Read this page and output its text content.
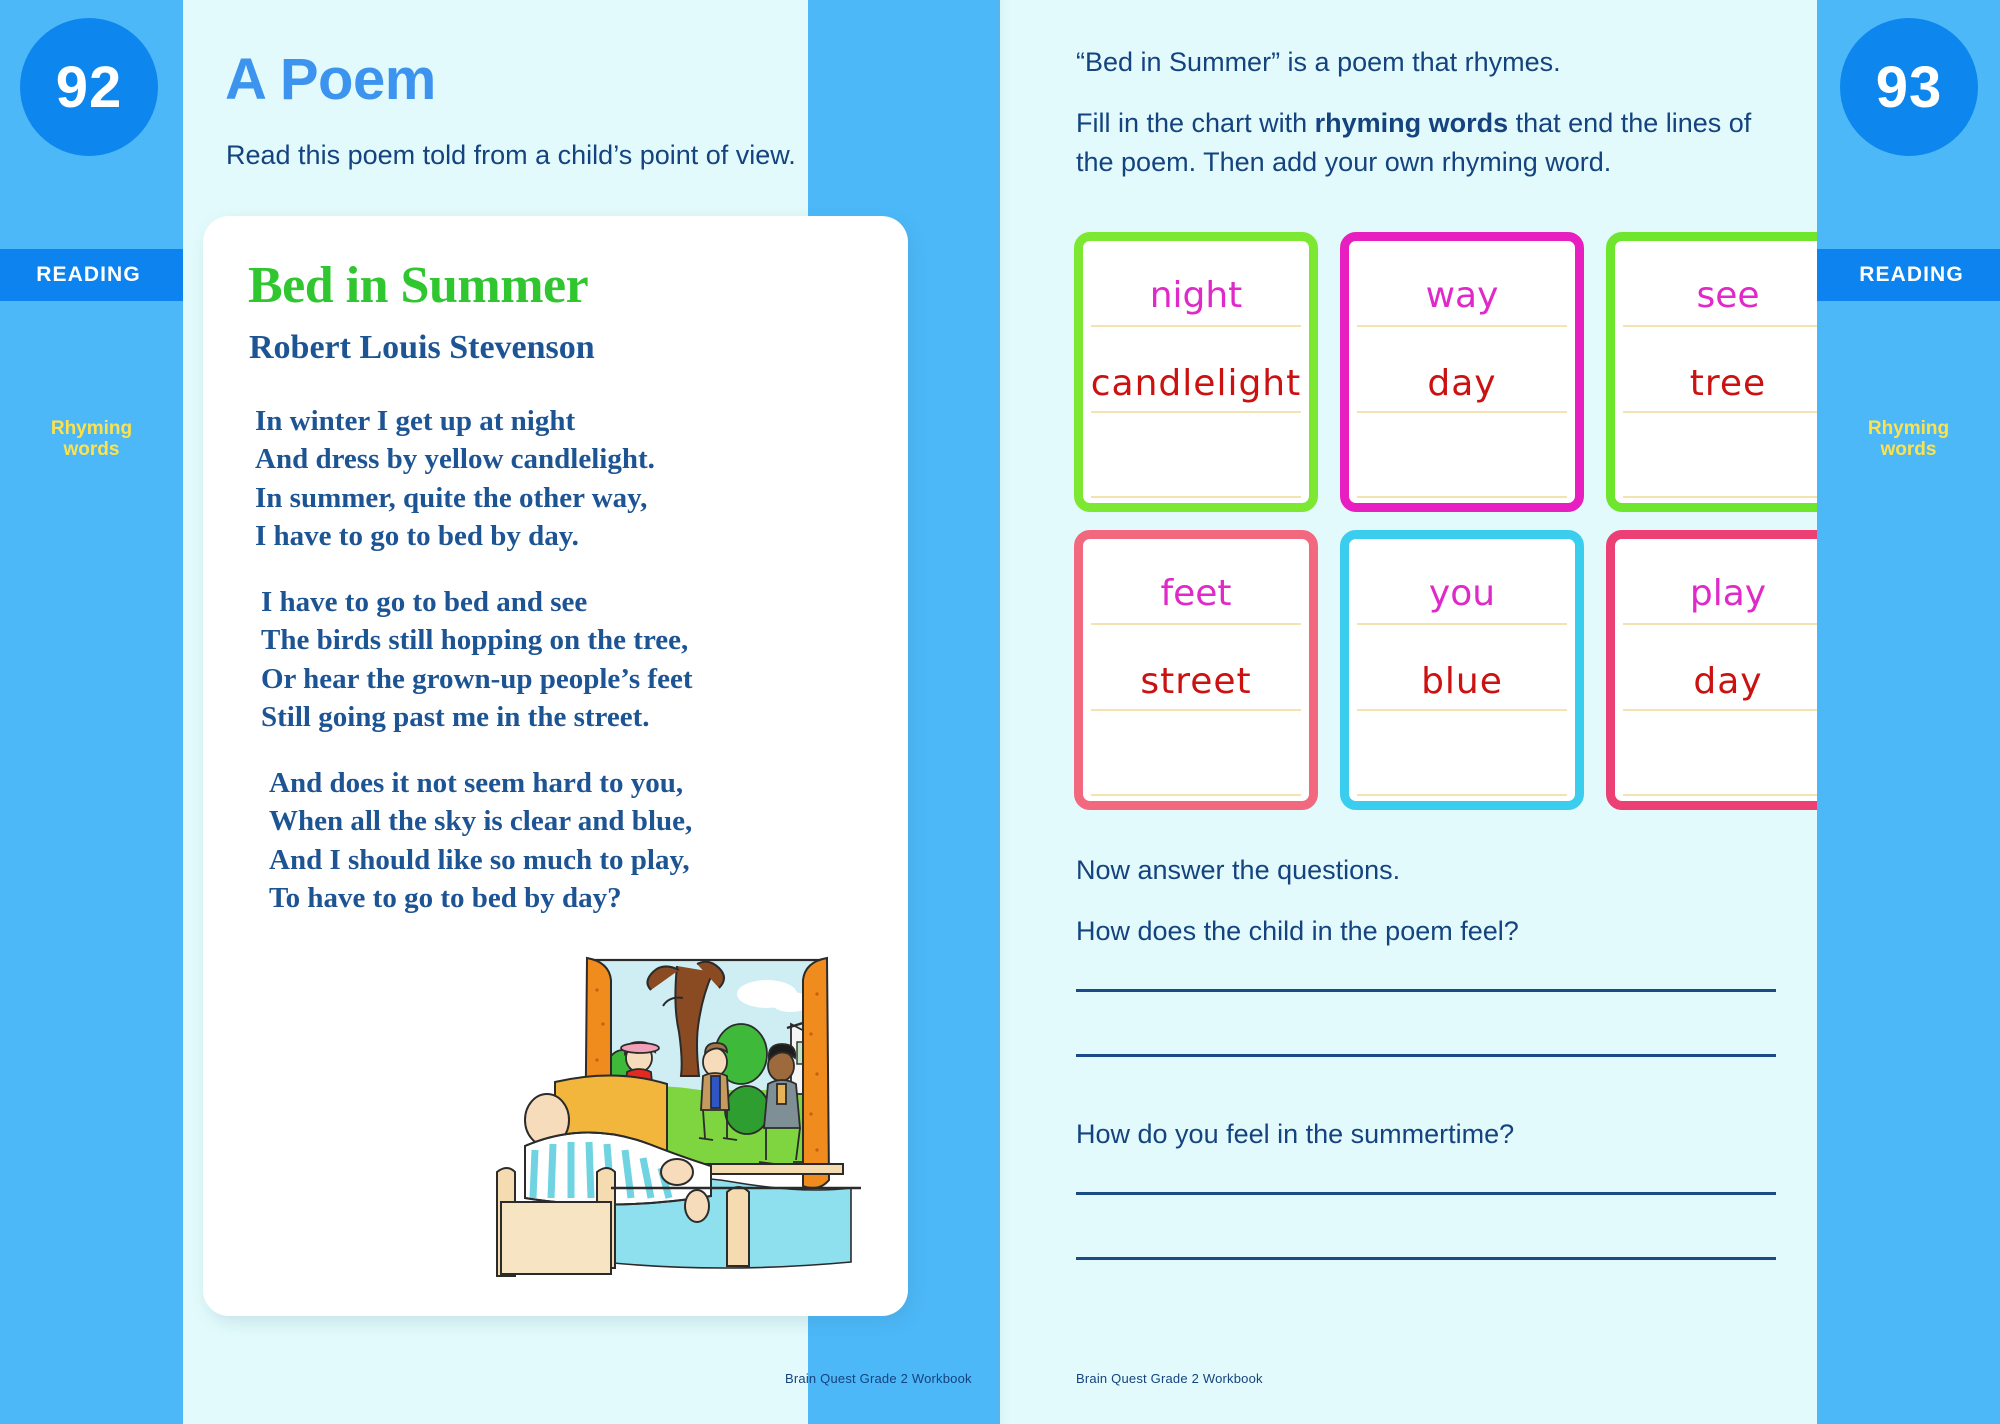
92
READING
Rhyming
words
A Poem
Read this poem told from a child’s point of view.
Bed in Summer
Robert Louis Stevenson
In winter I get up at night
And dress by yellow candlelight.
In summer, quite the other way,
I have to go to bed by day.
I have to go to bed and see
The birds still hopping on the tree,
Or hear the grown-up people’s feet
Still going past me in the street.
And does it not seem hard to you,
When all the sky is clear and blue,
And I should like so much to play,
To have to go to bed by day?
Brain Quest Grade 2 Workbook
“Bed in Summer” is a poem that rhymes.
Fill in the chart with rhyming words that end the lines of the poem. Then add your own rhyming word.
night
candlelight
way
day
see
tree
feet
street
you
blue
play
day
Now answer the questions.
How does the child in the poem feel?
How do you feel in the summertime?
Brain Quest Grade 2 Workbook
93
READING
Rhyming
words
